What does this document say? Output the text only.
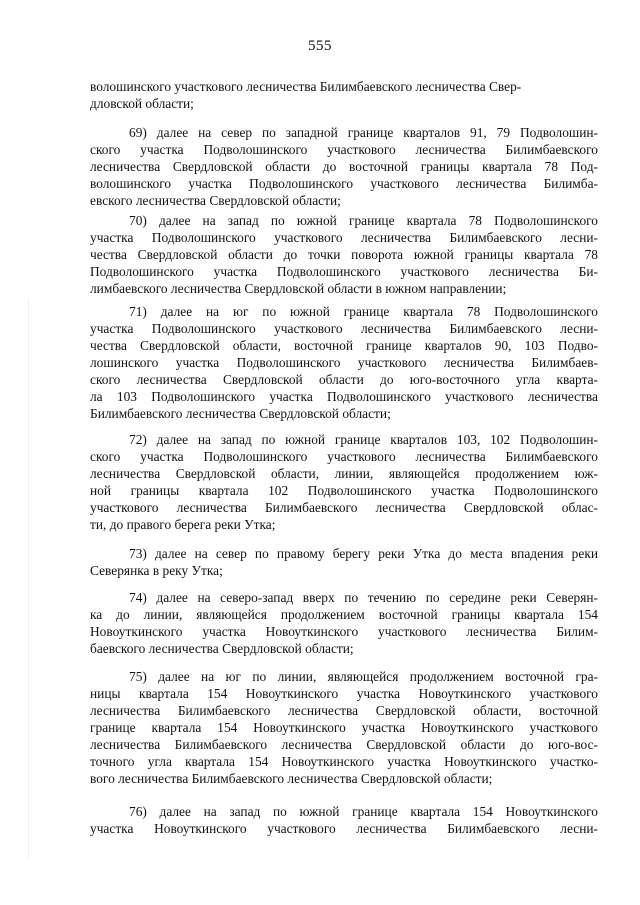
555
волошинского участкового лесничества Билимбаевского лесничества Свер-
дловской области;
69) далее на север по западной границе кварталов 91, 79 Подволошин-
ского участка Подволошинского участкового лесничества Билимбаевского
лесничества Свердловской области до восточной границы квартала 78 Под-
волошинского участка Подволошинского участкового лесничества Билимба-
евского лесничества Свердловской области;
70) далее на запад по южной границе квартала 78 Подволошинского
участка Подволошинского участкового лесничества Билимбаевского лесни-
чества Свердловской области до точки поворота южной границы квартала 78
Подволошинского участка Подволошинского участкового лесничества Би-
лимбаевского лесничества Свердловской области в южном направлении;
71) далее на юг по южной границе квартала 78 Подволошинского
участка Подволошинского участкового лесничества Билимбаевского лесни-
чества Свердловской области, восточной границе кварталов 90, 103 Подво-
лошинского участка Подволошинского участкового лесничества Билимбаев-
ского лесничества Свердловской области до юго-восточного угла кварта-
ла 103 Подволошинского участка Подволошинского участкового лесничества
Билимбаевского лесничества Свердловской области;
72) далее на запад по южной границе кварталов 103, 102 Подволошин-
ского участка Подволошинского участкового лесничества Билимбаевского
лесничества Свердловской области, линии, являющейся продолжением юж-
ной границы квартала 102 Подволошинского участка Подволошинского
участкового лесничества Билимбаевского лесничества Свердловской облас-
ти, до правого берега реки Утка;
73) далее на север по правому берегу реки Утка до места впадения реки
Северянка в реку Утка;
74) далее на северо-запад вверх по течению по середине реки Северян-
ка до линии, являющейся продолжением восточной границы квартала 154
Новоуткинского участка Новоуткинского участкового лесничества Билим-
баевского лесничества Свердловской области;
75) далее на юг по линии, являющейся продолжением восточной гра-
ницы квартала 154 Новоуткинского участка Новоуткинского участкового
лесничества Билимбаевского лесничества Свердловской области, восточной
границе квартала 154 Новоуткинского участка Новоуткинского участкового
лесничества Билимбаевского лесничества Свердловской области до юго-вос-
точного угла квартала 154 Новоуткинского участка Новоуткинского участко-
вого лесничества Билимбаевского лесничества Свердловской области;
76) далее на запад по южной границе квартала 154 Новоуткинского
участка Новоуткинского участкового лесничества Билимбаевского лесни-
